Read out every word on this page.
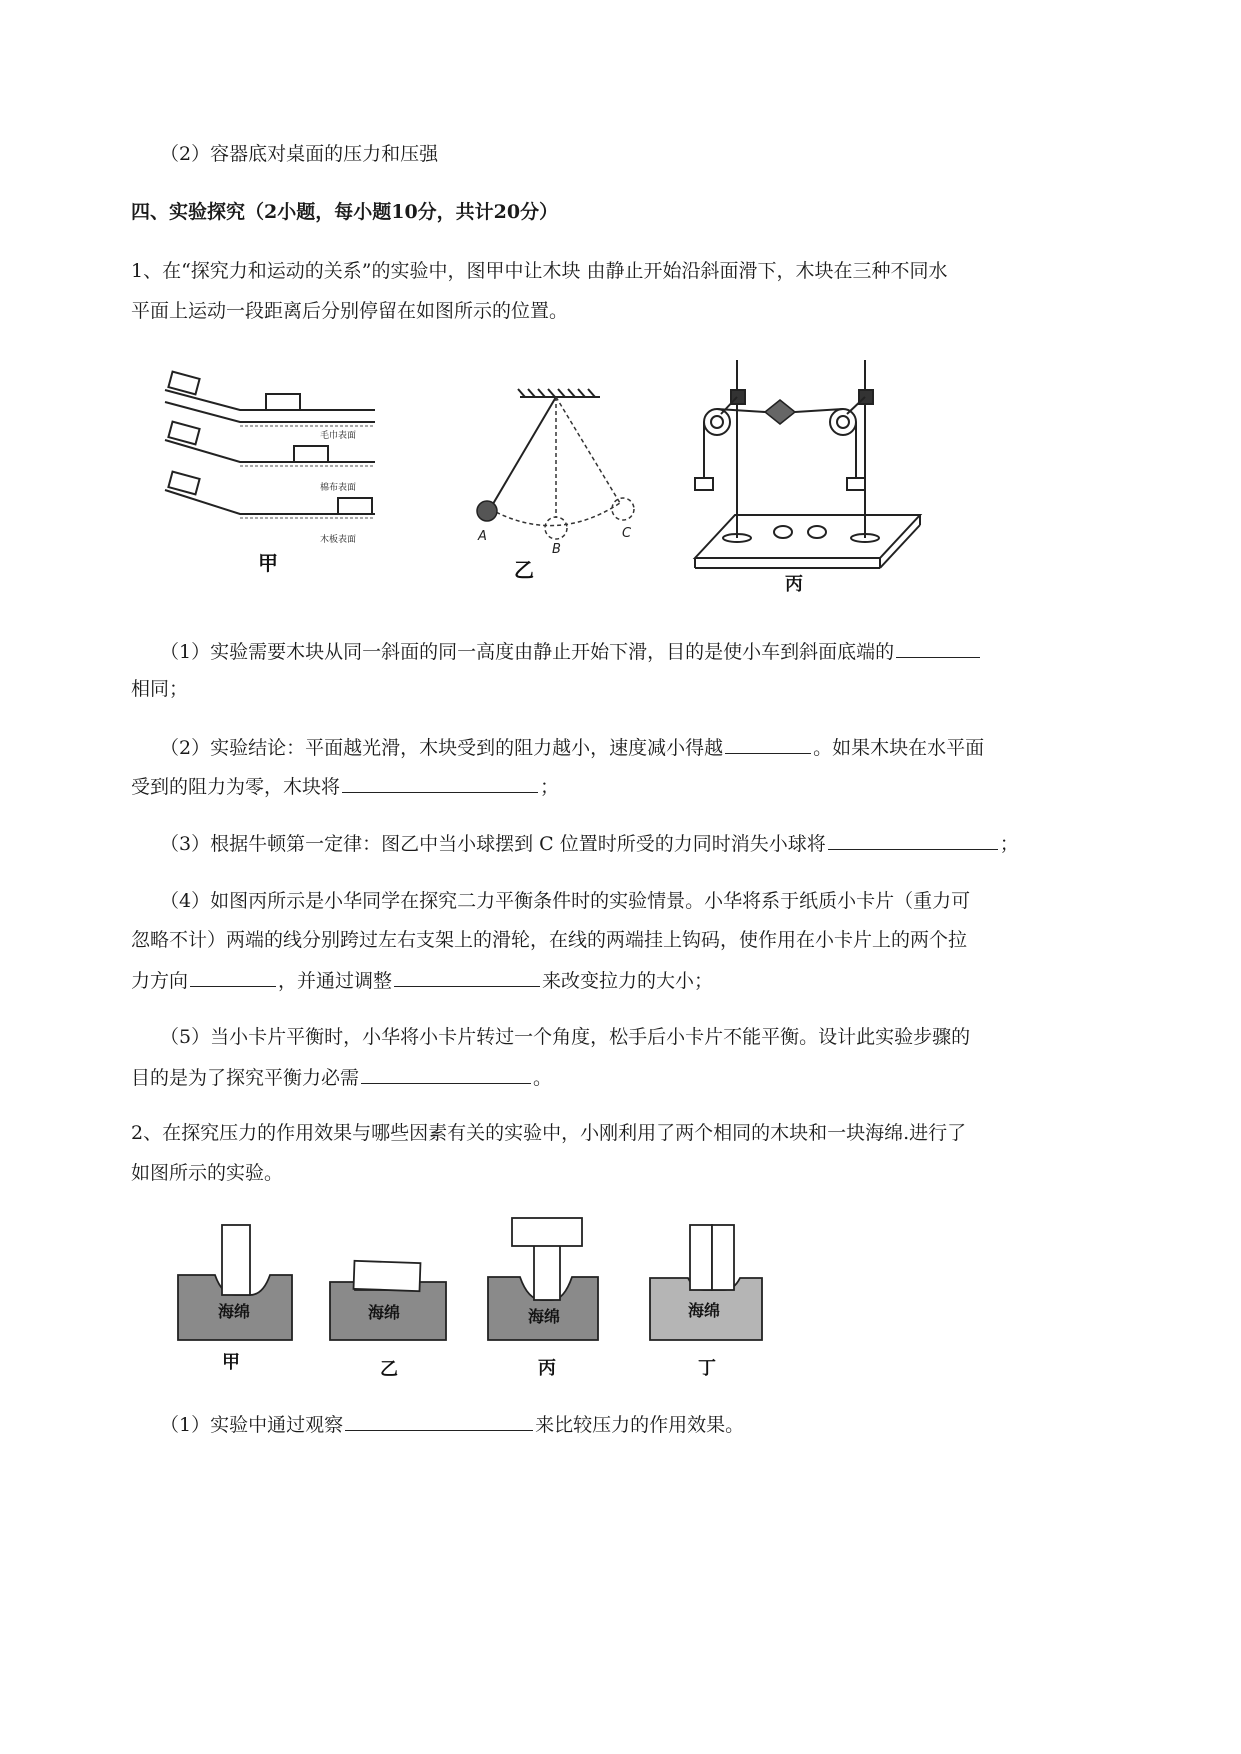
（2）容器底对桌面的压力和压强
四、实验探究（2小题，每小题10分，共计20分）
1、在“探究力和运动的关系”的实验中，图甲中让木块 由静止开始沿斜面滑下，木块在三种不同水
平面上运动一段距离后分别停留在如图所示的位置。
毛巾表面
棉布表面
木板表面
甲
A
B
C
乙
丙
（1）实验需要木块从同一斜面的同一高度由静止开始下滑，目的是使小车到斜面底端的
相同；
（2）实验结论：平面越光滑，木块受到的阻力越小，速度减小得越	。如果木块在水平面
受到的阻力为零，木块将	；
（3）根据牛顿第一定律：图乙中当小球摆到 C 位置时所受的力同时消失小球将	；
（4）如图丙所示是小华同学在探究二力平衡条件时的实验情景。小华将系于纸质小卡片（重力可
忽略不计）两端的线分别跨过左右支架上的滑轮，在线的两端挂上钩码，使作用在小卡片上的两个拉
力方向	，并通过调整	来改变拉力的大小；
（5）当小卡片平衡时，小华将小卡片转过一个角度，松手后小卡片不能平衡。设计此实验步骤的
目的是为了探究平衡力必需	。
2、在探究压力的作用效果与哪些因素有关的实验中，小刚利用了两个相同的木块和一块海绵.进行了
如图所示的实验。
海绵	海绵	海绵	海绵
甲	乙	丙	丁
（1）实验中通过观察	来比较压力的作用效果。
